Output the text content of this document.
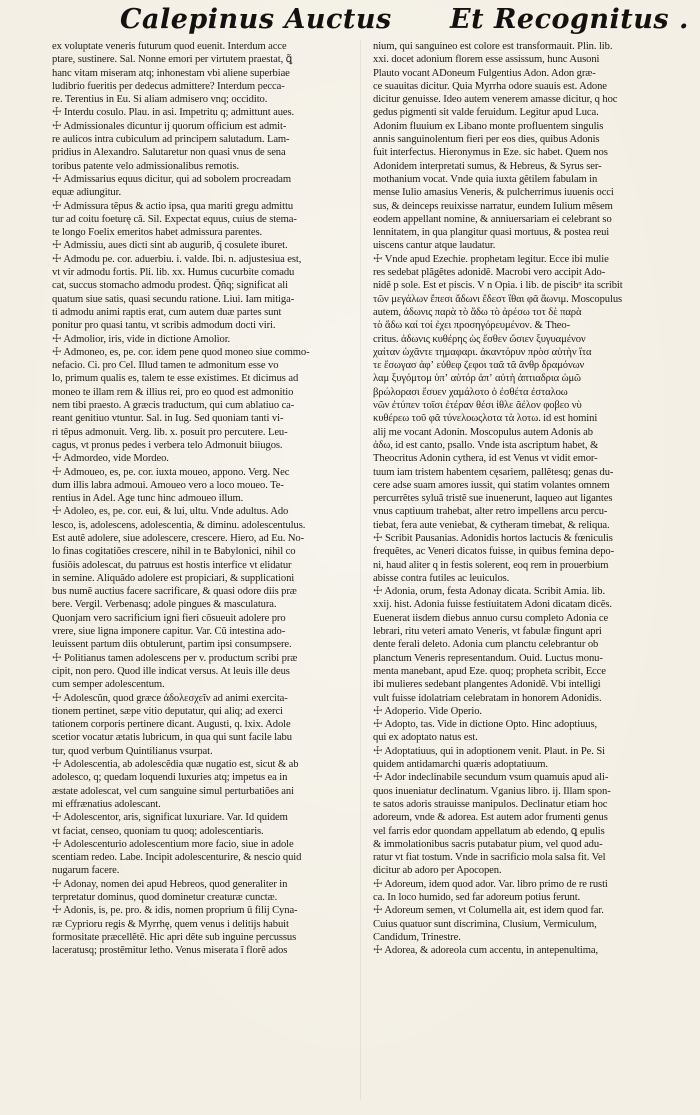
Calepinus Auctus Et Recognitus .
ex voluptate veneris futurum quod euenit. Interdum acce
ptare, sustinere. Sal. Nonne emori per virtutem praestat, ꝗ̃
hanc vitam miseram atq; inhonestam vbi aliene superbiae
ludibrio fueritis per dedecus admittere? Interdum pecca-
re. Terentius in Eu. Si aliam admisero vnq; occidito.
☩ Interdu cosulo. Plau. in asi. Impetritu q; admittunt aues.
☩ Admissionales dicuntur ij quorum officium est admit-
re aulicos intra cubiculum ad principem salutadum. Lam-
pridius in Alexandro. Salutaretur non quasi vnus de sena
toribus patente velo admissionalibus remotis.
☩ Admissarius equus dicitur, qui ad sobolem procreadam
equæ adiungitur.
☩ Admissura tẽpus & actio ipsa, qua mariti gregu admittu
tur ad coitu foeturę că. Sil. Expectat equus, cuius de stema-
te longo Foelix emeritos habet admissura parentes.
☩ Admissiu, aues dicti sint ab auguriḃ, q̃ cosulete iburet.
☩ Admodu pe. cor. aduerbiu. i. valde. Ibi. n. adjustesiua est,
vt vir admodu fortis. Pli. lib. xx. Humus cucurbite comadu
cat, succus stomacho admodu prodest. Q̃ñq; significat ali
quatum siue satis, quasi secundu ratione. Liui. Iam mitiga-
ti admodu animi raptis erat, cum autem duæ partes sunt
ponitur pro quasi tantu, vt scribis admodum docti viri.
☩ Admolior, iris, vide in dictione Amolior.
☩ Admoneo, es, pe. cor. idem pene quod moneo siue commo-
nefacio. Ci. pro Cel. Illud tamen te admonitum esse vo
lo, primum qualis es, talem te esse existimes. Et dicimus ad
moneo te illam rem & illius rei, pro eo quod est admonitio
nem tibi praesto. A græcis traductum, qui cum ablatiuo ca-
reant genitiuo vtuntur. Sal. in Iug. Sed quoniam tanti vi-
ri tẽpus admonuit. Verg. lib. x. posuit pro percutere. Leu-
cagus, vt pronus pedes i verbera telo Admonuit biiugos.
☩ Admordeo, vide Mordeo.
☩ Admoueo, es, pe. cor. iuxta moueo, appono. Verg. Nec
dum illis labra admoui. Amoueo vero a loco moueo. Te-
rentius in Adel. Age tunc hinc admoueo illum.
☩ Adoleo, es, pe. cor. eui, & lui, ultu. Vnde adultus. Ado
lesco, is, adolescens, adolescentia, & diminu. adolescentulus.
Est autẽ adolere, siue adolescere, crescere. Hiero, ad Eu. No-
lo finas cogitatiões crescere, nihil in te Babylonici, nihil co
fusiõis adolescat, du patruus est hostis interfice vt elidatur
in semine. Aliquãdo adolere est propiciari, & supplicationi
bus numẽ auctius facere sacrificare, & quasi odore diis præ
bere. Vergil. Verbenasq; adole pingues & masculatura.
Quonjam vero sacrificium igni fieri cõsueuit adolere pro
vrere, siue ligna imponere capitur. Var. Cũ intestina ado-
leuissent partum diis obtulerunt, partim ipsi consumpsere.
☩ Politianus tamen adolescens per v. productum scribi præ
cipit, non pero. Quod ille indicat versus. At leuis ille deus
cum semper adolescentum.
☩ Adolescũn, quod græce ἀδολεσχεῖν ad animi exercita-
tionem pertinet, sæpe vitio deputatur, qui aliq; ad exerci
tationem corporis pertinere dicant. Augusti, q. lxix. Adole
scetior vocatur ætatis lubricum, in qua qui sunt facile labu
tur, quod verbum Quintilianus vsurpat.
☩ Adolescentia, ab adolescẽdia quæ nugatio est, sicut & ab
adolesco, q; quedam loquendi luxuries atq; impetus ea in
æstate adolescat, vel cum sanguine simul perturbatiões ani
mi effrænatius adolescant.
☩ Adolescentor, aris, significat luxuriare. Var. Id quidem
vt faciat, censeo, quoniam tu quoq; adolescentiaris.
☩ Adolescenturio adolescentium more facio, siue in adole
scentiam redeo. Labe. Incipit adolescenturire, & nescio quid
nugarum facere.
☩ Adonay, nomen dei apud Hebreos, quod generaliter in
terpretatur dominus, quod dominetur creaturæ cunctæ.
☩ Adonis, is, pe. pro. & idis, nomen proprium ũ filij Cyna-
ræ Cyprioru regis & Myrrhę, quem venus i delitijs habuit
formositate præcellẽtẽ. Hic apri dẽte sub inguine percussus
laceratusq; prostẽmitur letho. Venus miserata ĩ florẽ ados
nium, qui sanguineo est colore est transformauit. Plin. lib.
xxi. docet adonium florem esse assissum, hunc Ausoni
Plauto vocant ADoneum Fulgentius Adon. Adon græ-
ce suauitas dicitur. Quia Myrrha odore suauis est. Adone
dicitur genuisse. Ideo autem venerem amasse dicitur, q hoc
gedus pigmenti sit valde feruidum. Legitur apud Luca.
Adonim fluuium ex Libano monte profluentem singulis
annis sanguinolentum fieri per eos dies, quibus Adonis
fuit interfectus. Hieronymus in Eze. sic habet. Quem nos
Adonidem interpretati sumus, & Hebreus, & Syrus ser-
mothanium vocat. Vnde quia iuxta gẽtilem fabulam in
mense Iulio amasius Veneris, & pulcherrimus iuuenis occi
sus, & deinceps reuixisse narratur, eundem Iulium mẽsem
eodem appellant nomine, & anniuersariam ei celebrant so
lennitatem, in qua plangitur quasi mortuus, & postea reui
uiscens cantur atque laudatur.
☩ Vnde apud Ezechie. prophetam legitur. Ecce ibi mulie
res sedebat plãgẽtes adonidẽ. Macrobi vero accipit Ado-
nidẽ p sole. Est et piscis. V n Opia. i lib. de piscibᵒ ita scribit
τῶν μεγάλων ἔπεσι ἄδωνι ἔδεστ ἵθαι φᾶ ἄωνιμ. Moscopulus
autem, ἀδωνις παρὰ τὸ ἅδω τὸ ἀρέσω τοτ δὲ παρὰ
τὸ ἅδω καί τοί ἐχει προσηγόρευμένον. & Theo-
critus. ἀδωνις κυθέρης ὡς ἔσθεν ὤσιεν ξυγυαμένον
χαίταν ὡχᾶντε τημαφαρι. ἀκαντόρυν πρὸσ αὐτὴν ἴτα
τε ἔσωγασ ἀφʼ εὐθεφ ζεφοι ταᾶ τᾶ ᾶνθρ δραμόνων
λαμ ξυγόμτομ ὑπʼ αὐτόρ ἀπʼ αὐτὴ ἀπτιαδρια ὡμῶ
βρώλορασι ἔσυεν χαμάλοτο ὁ ἐσθέτα ἐσταλοω
νῶν ἐτύπεν τοῖσι ἐτέραν θέσι ἰθλε ᾶἐλον φοβεο νὺ
κυθέρεω τοῦ φᾶ τύνελοωςλοτα τὰ λοτω. id est homini
alij me vocant Adonin. Moscopulus autem Adonis ab
ἀδω, id est canto, psallo. Vnde ista ascriptum habet, &
Theocritus Adonin cythera, id est Venus vt vidit emor-
tuum iam tristem habentem cęsariem, pallẽtesq; genas du-
cere adse suam amores iussit, qui statim volantes omnem
percurrẽtes syluã tristẽ sue inuenerunt, laqueo aut ligantes
vnus captiuum trahebat, alter retro impellens arcu percu-
tiebat, fera aute veniebat, & cytheram timebat, & reliqua.
☩ Scribit Pausanias. Adonidis hortos lactucis & fœniculis
frequẽtes, ac Veneri dicatos fuisse, in quibus femina depo-
ni, haud aliter q in festis solerent, eoq rem in prouerbium
abisse contra futiles ac leuiculos.
☩ Adonia, orum, festa Adonay dicata. Scribit Amia. lib.
xxij. hist. Adonia fuisse festiuitatem Adoni dicatam dicẽs.
Euenerat iisdem diebus annuo cursu completo Adonia ce
lebrari, ritu veteri amato Veneris, vt fabulæ fingunt apri
dente ferali deleto. Adonia cum planctu celebrantur ob
planctum Veneris representandum. Ouid. Luctus monu-
menta manebant, apud Eze. quoq; propheta scribit, Ecce
ibi mulieres sedebant plangentes Adonidẽ. Vbi intelligi
vult fuisse idolatriam celebratam in honorem Adonidis.
☩ Adoperio. Vide Operio.
☩ Adopto, tas. Vide in dictione Opto. Hinc adoptiuus,
qui ex adoptato natus est.
☩ Adoptatiuus, qui in adoptionem venit. Plaut. in Pe. Si
quidem antidamarchi quæris adoptatiuum.
☩ Ador indeclinabile secundum vsum quamuis apud ali-
quos inueniatur declinatum. Vganius libro. ij. Illam spon-
te satos adoris strauisse manipulos. Declinatur etiam hoc
adoreum, vnde & adorea. Est autem ador frumenti genus
vel farris edor quondam appellatum ab edendo, ꝗ epulis
& immolationibus sacris putabatur pium, vel quod adu-
ratur vt fiat tostum. Vnde in sacrificio mola salsa fit. Vel
dicitur ab adoro per Apocopen.
☩ Adoreum, idem quod ador. Var. libro primo de re rusti
ca. In loco humido, sed far adoreum potius ferunt.
☩ Adoreum semen, vt Columella ait, est idem quod far.
Cuius quatuor sunt discrimina, Clusium, Vermiculum,
Candidum, Trinestre.
☩ Adorea, & adoreola cum accentu, in antepenultima,
